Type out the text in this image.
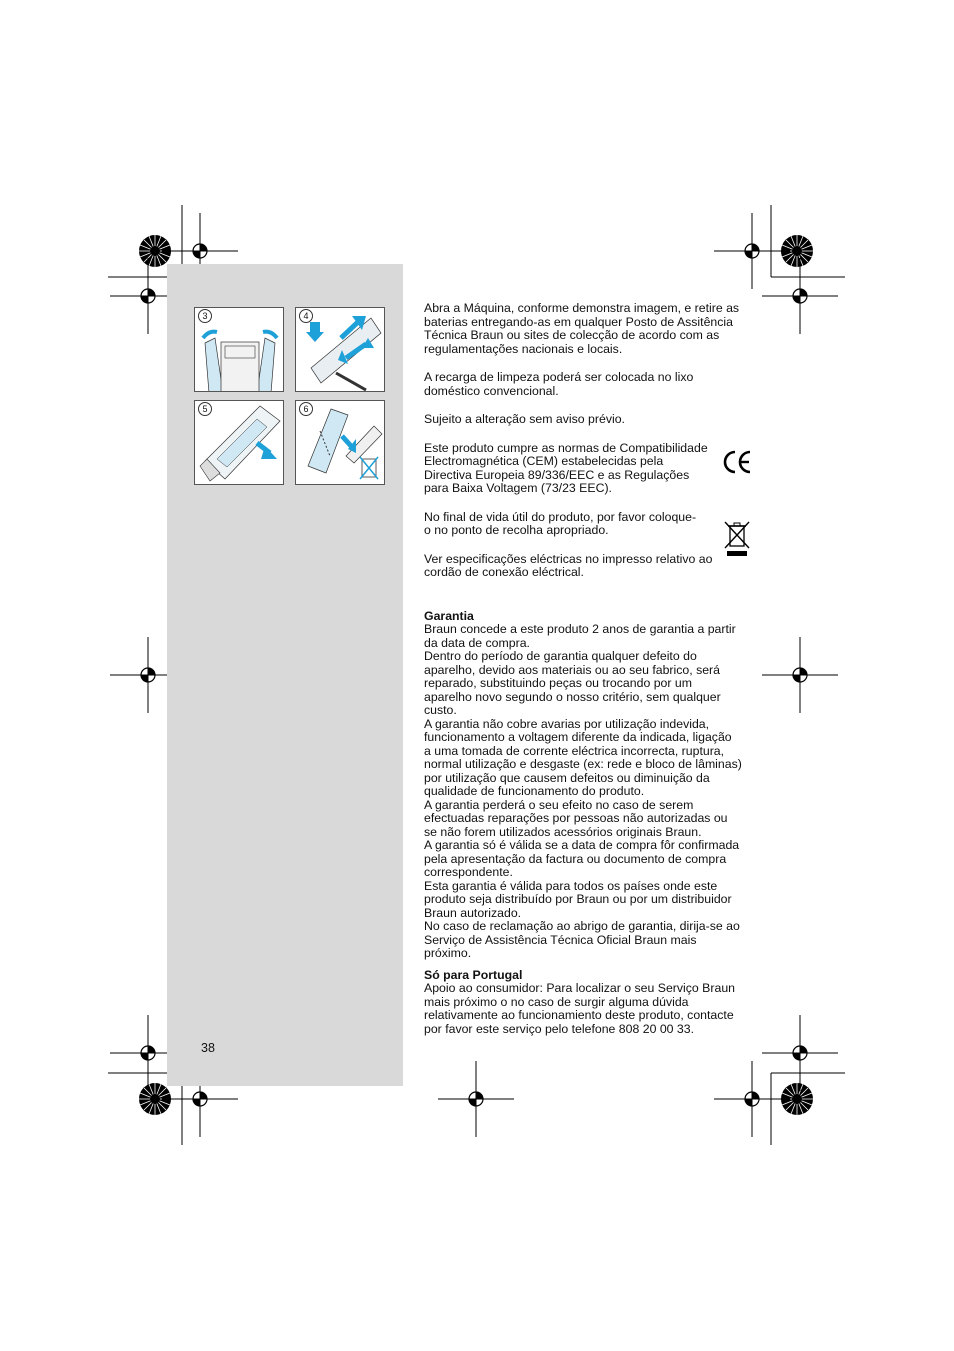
3	4
5	6
38

Abra a Máquina, conforme demonstra imagem, e retire as
baterias entregando-as em qualquer Posto de Assitência
Técnica Braun ou sites de colecção de acordo com as
regulamentações nacionais e locais.

A recarga de limpeza poderá ser colocada no lixo
doméstico convencional.

Sujeito a alteração sem aviso prévio.

Este produto cumpre as normas de Compatibilidade
Electromagnética (CEM) estabelecidas pela
Directiva Europeia 89/336/EEC e as Regulações
para Baixa Voltagem (73/23 EEC).

No final de vida útil do produto, por favor coloque-
o no ponto de recolha apropriado.

Ver especificações eléctricas no impresso relativo ao
cordão de conexão eléctrical.

Garantia

Braun concede a este produto 2 anos de garantia a partir
da data de compra.
Dentro do período de garantia qualquer defeito do
aparelho, devido aos materiais ou ao seu fabrico, será
reparado, substituindo peças ou trocando por um
aparelho novo segundo o nosso critério, sem qualquer
custo.
A garantia não cobre avarias por utilização indevida,
funcionamento a voltagem diferente da indicada, ligação
a uma tomada de corrente eléctrica incorrecta, ruptura,
normal utilização e desgaste (ex: rede e bloco de lâminas)
por utilização que causem defeitos ou diminuição da
qualidade de funcionamento do produto.
A garantia perderá o seu efeito no caso de serem
efectuadas reparações por pessoas não autorizadas ou
se não forem utilizados acessórios originais Braun.
A garantia só é válida se a data de compra fôr confirmada
pela apresentação da factura ou documento de compra
correspondente.
Esta garantia é válida para todos os países onde este
produto seja distribuído por Braun ou por um distribuidor
Braun autorizado.
No caso de reclamação ao abrigo de garantia, dirija-se ao
Serviço de Assistência Técnica Oficial Braun mais
próximo.

Só para Portugal

Apoio ao consumidor: Para localizar o seu Serviço Braun
mais próximo o no caso de surgir alguma dúvida
relativamente ao funcionamiento deste produto, contacte
por favor este serviço pelo telefone 808 20 00 33.
